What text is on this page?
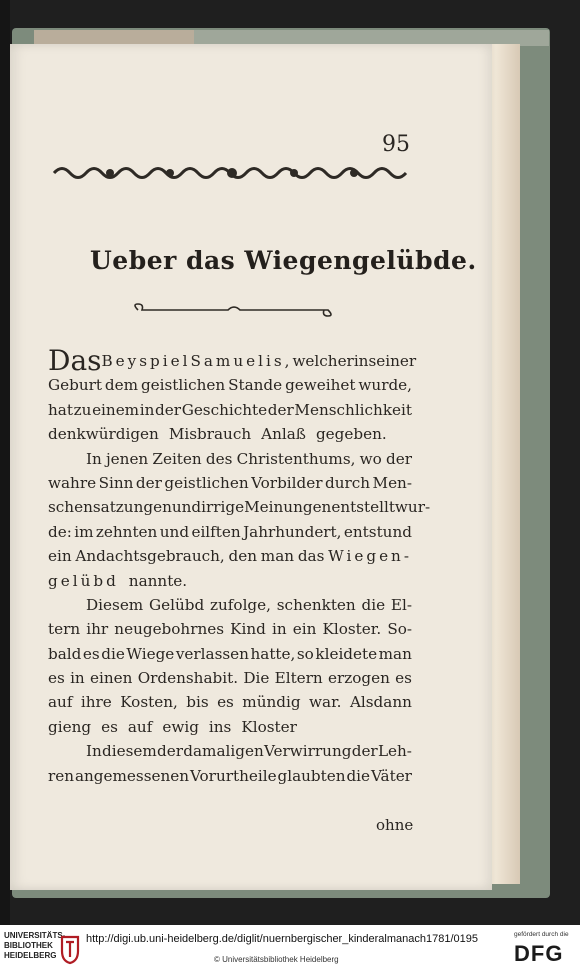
95
Ueber das Wiegengelübde.
Das Beyspiel Samuelis, welcher in seiner
Geburt dem geistlichen Stande geweihet wurde,
hat zu einem in der Geschichte der Menschlichkeit
denkwürdigen Misbrauch Anlaß gegeben.
In jenen Zeiten des Christenthums, wo der
wahre Sinn der geistlichen Vorbilder durch Men-
schensatzungen und irrige Meinungen entstellt wur-
de: im zehnten und eilften Jahrhundert, entstund
ein Andachtsgebrauch, den man das Wiegen-
gelübd nannte.
Diesem Gelübd zufolge, schenkten die El-
tern ihr neugebohrnes Kind in ein Kloster. So-
bald es die Wiege verlassen hatte, so kleidete man
es in einen Ordenshabit. Die Eltern erzogen es
auf ihre Kosten, bis es mündig war. Alsdann
gieng es auf ewig ins Kloster
In diesem der damaligen Verwirrung der Leh-
ren angemessenen Vorurtheile glaubten die Väter
ohne
UNIVERSITÄTS-
BIBLIOTHEK
HEIDELBERG
http://digi.ub.uni-heidelberg.de/diglit/nuernbergischer_kinderalmanach1781/0195
© Universitätsbibliothek Heidelberg
gefördert durch die
DFG
